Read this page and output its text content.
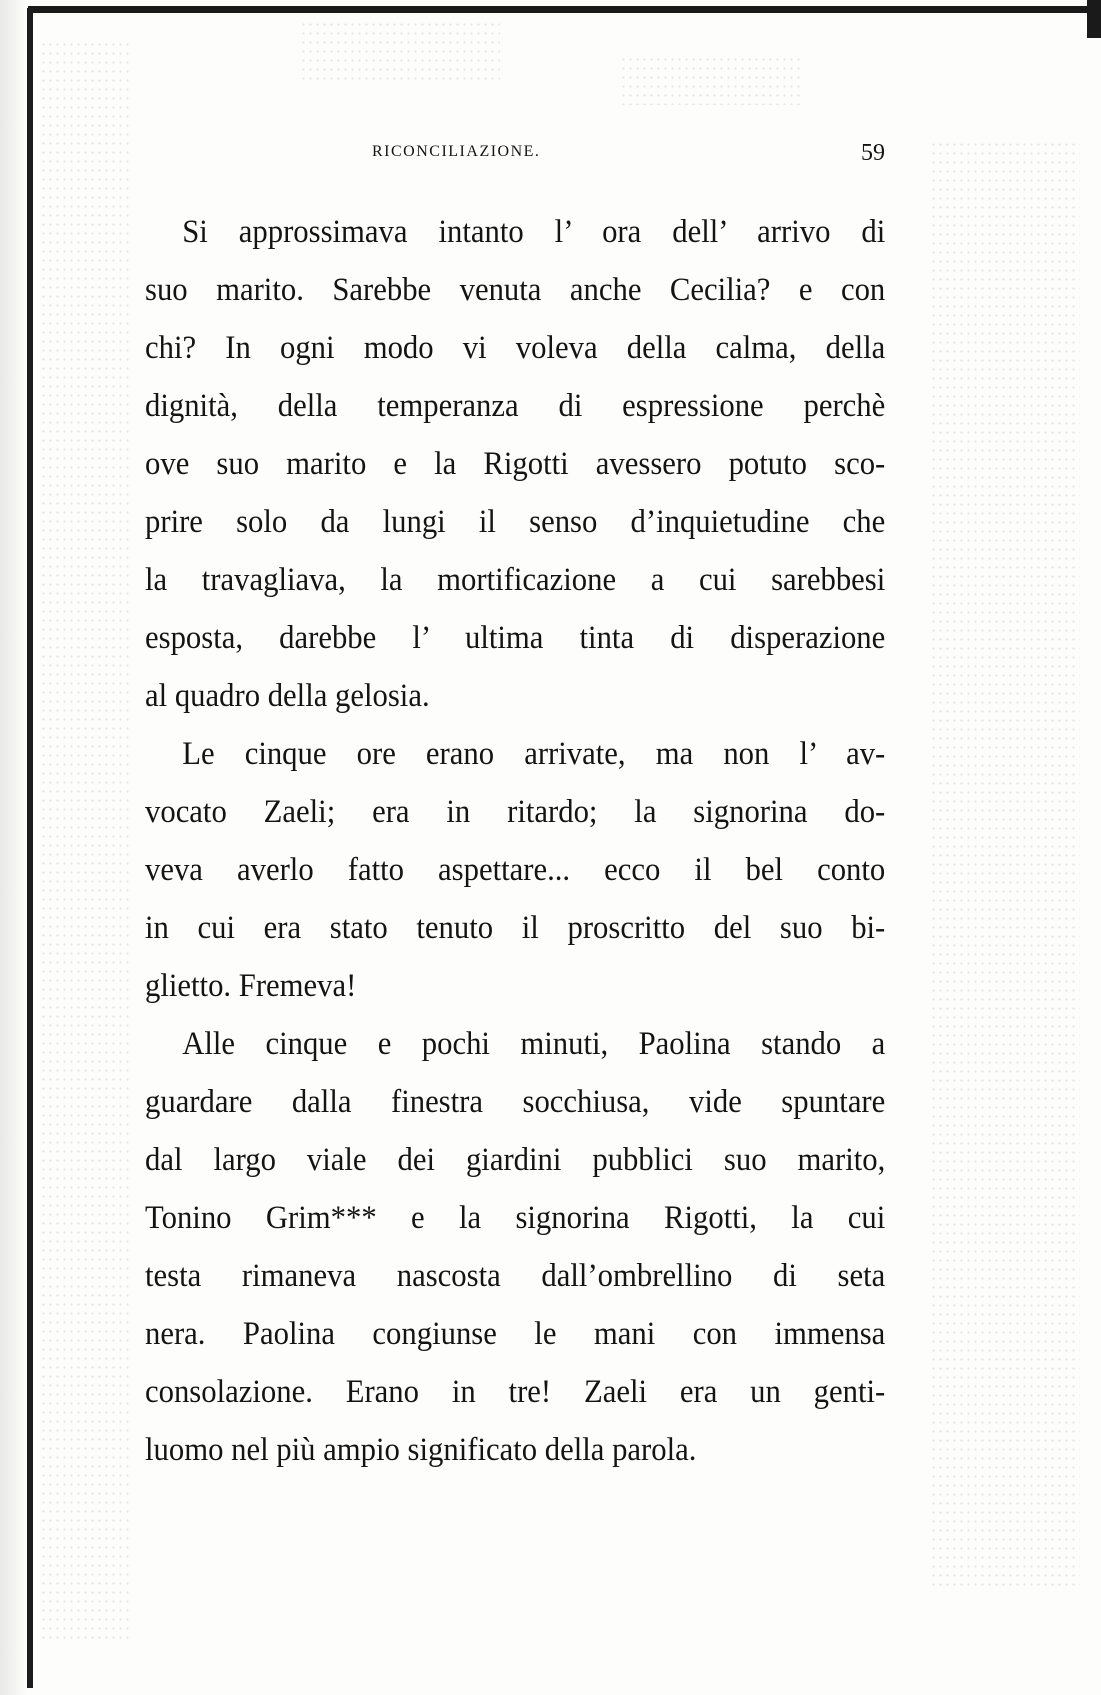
RICONCILIAZIONE.	59
Si approssimava intanto l’ ora dell’ arrivo di
suo marito. Sarebbe venuta anche Cecilia? e con
chi? In ogni modo vi voleva della calma, della
dignità, della temperanza di espressione perchè
ove suo marito e la Rigotti avessero potuto sco-
prire solo da lungi il senso d’inquietudine che
la travagliava, la mortificazione a cui sarebbesi
esposta, darebbe l’ ultima tinta di disperazione
al quadro della gelosia.
Le cinque ore erano arrivate, ma non l’ av-
vocato Zaeli; era in ritardo; la signorina do-
veva averlo fatto aspettare... ecco il bel conto
in cui era stato tenuto il proscritto del suo bi-
glietto. Fremeva!
Alle cinque e pochi minuti, Paolina stando a
guardare dalla finestra socchiusa, vide spuntare
dal largo viale dei giardini pubblici suo marito,
Tonino Grim*** e la signorina Rigotti, la cui
testa rimaneva nascosta dall’ombrellino di seta
nera. Paolina congiunse le mani con immensa
consolazione. Erano in tre! Zaeli era un genti-
luomo nel più ampio significato della parola.
